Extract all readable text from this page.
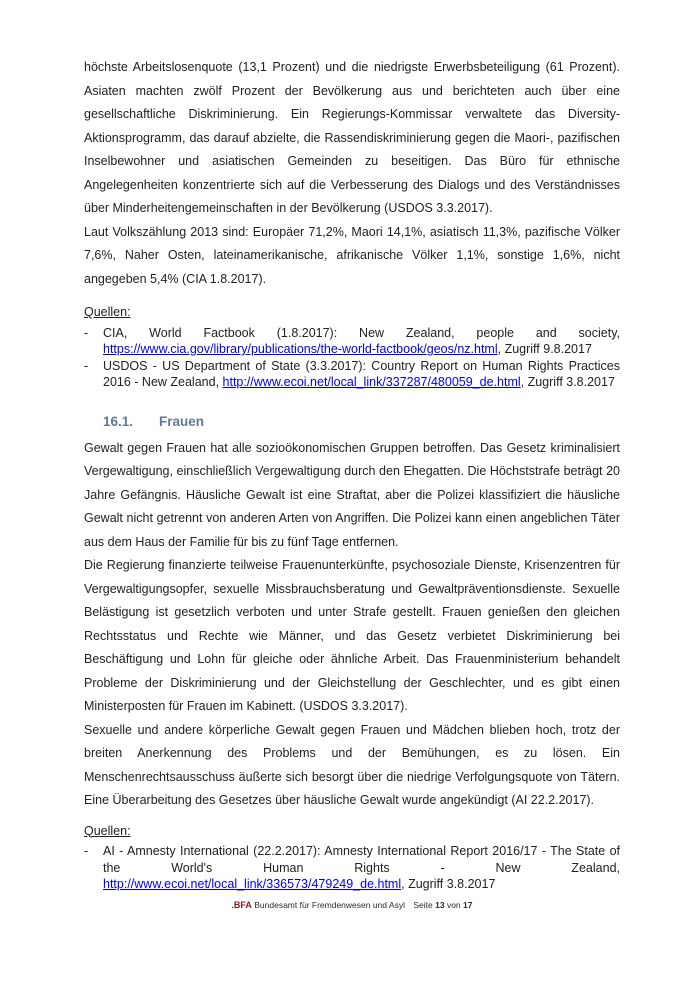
höchste Arbeitslosenquote (13,1 Prozent) und die niedrigste Erwerbsbeteiligung (61 Prozent). Asiaten machten zwölf Prozent der Bevölkerung aus und berichteten auch über eine gesellschaftliche Diskriminierung. Ein Regierungs-Kommissar verwaltete das Diversity-Aktionsprogramm, das darauf abzielte, die Rassendiskriminierung gegen die Maori-, pazifischen Inselbewohner und asiatischen Gemeinden zu beseitigen. Das Büro für ethnische Angelegenheiten konzentrierte sich auf die Verbesserung des Dialogs und des Verständnisses über Minderheitengemeinschaften in der Bevölkerung (USDOS 3.3.2017).

Laut Volkszählung 2013 sind: Europäer 71,2%, Maori 14,1%, asiatisch 11,3%, pazifische Völker 7,6%, Naher Osten, lateinamerikanische, afrikanische Völker 1,1%, sonstige 1,6%, nicht angegeben 5,4% (CIA 1.8.2017).

Quellen:
-	CIA, World Factbook (1.8.2017): New Zealand, people and society, https://www.cia.gov/library/publications/the-world-factbook/geos/nz.html, Zugriff 9.8.2017
-	USDOS - US Department of State (3.3.2017): Country Report on Human Rights Practices 2016 - New Zealand, http://www.ecoi.net/local_link/337287/480059_de.html, Zugriff 3.8.2017
16.1.	Frauen

Gewalt gegen Frauen hat alle sozioökonomischen Gruppen betroffen. Das Gesetz kriminalisiert Vergewaltigung, einschließlich Vergewaltigung durch den Ehegatten. Die Höchststrafe beträgt 20 Jahre Gefängnis. Häusliche Gewalt ist eine Straftat, aber die Polizei klassifiziert die häusliche Gewalt nicht getrennt von anderen Arten von Angriffen. Die Polizei kann einen angeblichen Täter aus dem Haus der Familie für bis zu fünf Tage entfernen.

Die Regierung finanzierte teilweise Frauenunterkünfte, psychosoziale Dienste, Krisenzentren für Vergewaltigungsopfer, sexuelle Missbrauchsberatung und Gewaltpräventionsdienste. Sexuelle Belästigung ist gesetzlich verboten und unter Strafe gestellt. Frauen genießen den gleichen Rechtsstatus und Rechte wie Männer, und das Gesetz verbietet Diskriminierung bei Beschäftigung und Lohn für gleiche oder ähnliche Arbeit. Das Frauenministerium behandelt Probleme der Diskriminierung und der Gleichstellung der Geschlechter, und es gibt einen Ministerposten für Frauen im Kabinett. (USDOS 3.3.2017).

Sexuelle und andere körperliche Gewalt gegen Frauen und Mädchen blieben hoch, trotz der breiten Anerkennung des Problems und der Bemühungen, es zu lösen. Ein Menschenrechtsausschuss äußerte sich besorgt über die niedrige Verfolgungsquote von Tätern. Eine Überarbeitung des Gesetzes über häusliche Gewalt wurde angekündigt (AI 22.2.2017).

Quellen:
-	AI - Amnesty International (22.2.2017): Amnesty International Report 2016/17 - The State of the World's Human Rights - New Zealand, http://www.ecoi.net/local_link/336573/479249_de.html, Zugriff 3.8.2017
.BFA Bundesamt für Fremdenwesen und Asyl Seite 13 von 17
